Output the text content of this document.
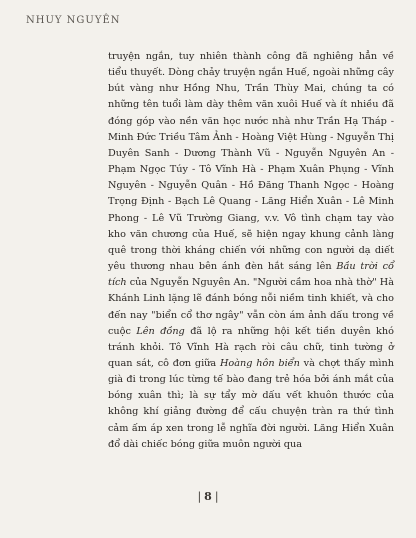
NHUY NGUYÊN
truyện ngắn, tuy nhiên thành công đã nghiêng hẳn về tiểu thuyết. Dòng chảy truyện ngắn Huế, ngoài những cây bút vàng như Hồng Nhu, Trần Thùy Mai, chúng ta có những tên tuổi làm dày thêm văn xuôi Huế và ít nhiều đã đóng góp vào nền văn học nước nhà như Trần Hạ Tháp - Minh Đức Triều Tâm Ảnh - Hoàng Việt Hùng - Nguyễn Thị Duyên Sanh - Dương Thành Vũ - Nguyễn Nguyên An - Phạm Ngọc Túy - Tô Vĩnh Hà - Phạm Xuân Phụng - Vĩnh Nguyên - Nguyễn Quân - Hồ Đăng Thanh Ngọc - Hoàng Trọng Định - Bạch Lê Quang - Lăng Hiển Xuân - Lê Minh Phong - Lê Vũ Trường Giang, v.v. Vô tình chạm tay vào kho văn chương của Huế, sẽ hiện ngay khung cảnh làng quê trong thời kháng chiến với những con người dạ diết yêu thương nhau bên ánh đèn hắt sáng lên Bầu trời cổ tích của Nguyễn Nguyên An. "Người cầm hoa nhà thờ" Hà Khánh Linh lặng lẽ đánh bóng nỗi niềm tinh khiết, và cho đến nay "biển cổ thơ ngây" vẫn còn ám ảnh dấu trong về cuộc Lên đồng đã lộ ra những hội kết tiền duyên khó tránh khỏi. Tô Vĩnh Hà rạch ròi câu chữ, tinh tường ở quan sát, cô đơn giữa Hoàng hôn biển và chợt thấy mình già đi trong lúc từng tế bào đang trẻ hóa bởi ánh mắt của bóng xuân thì; là sự tẩy mờ dấu vết khuôn thước của không khí giảng đường để cấu chuyện tràn ra thứ tình cảm ấm áp xen trong lễ nghĩa đời người. Lăng Hiển Xuân đổ dài chiếc bóng giữa muôn người qua
| 8 |
